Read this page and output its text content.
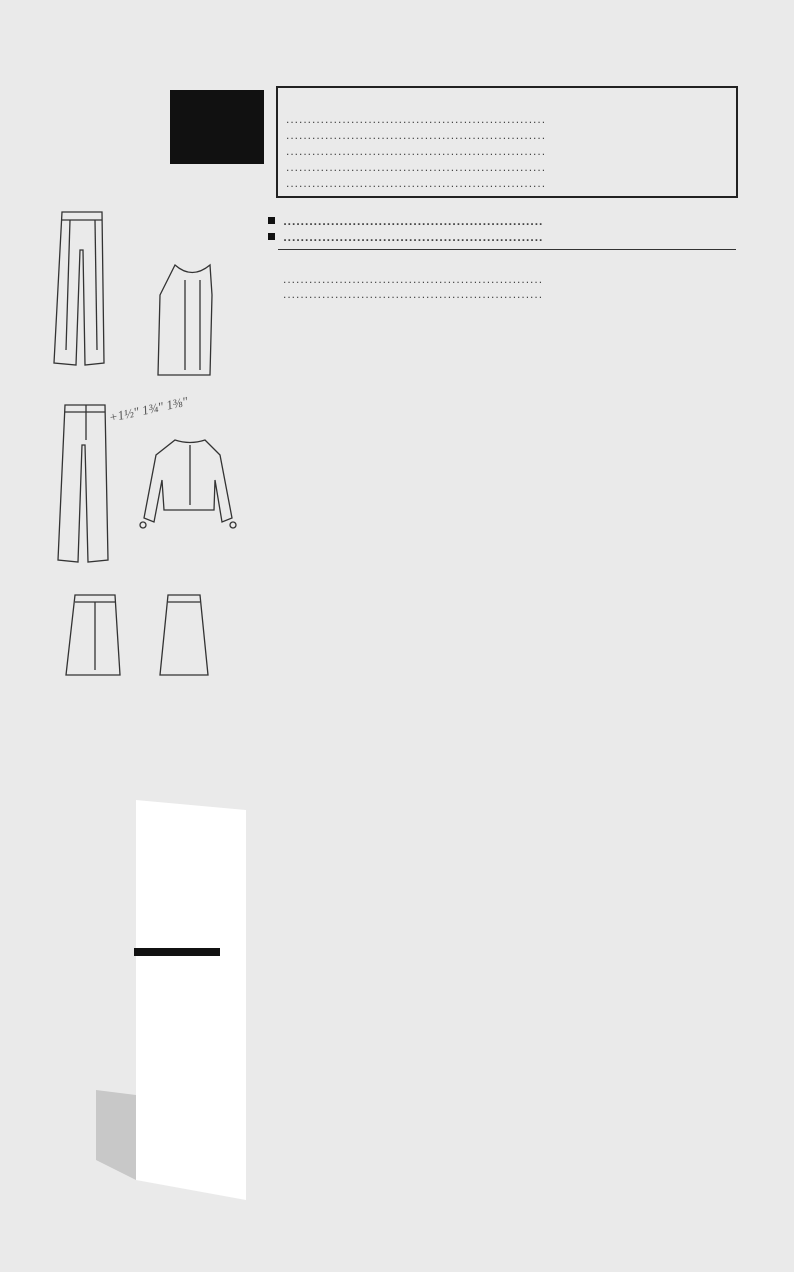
............................................................
............................................................
............................................................
............................................................
............................................................
............................................................
............................................................
............................................................
............................................................
+1½" 1¾" 1⅜"
